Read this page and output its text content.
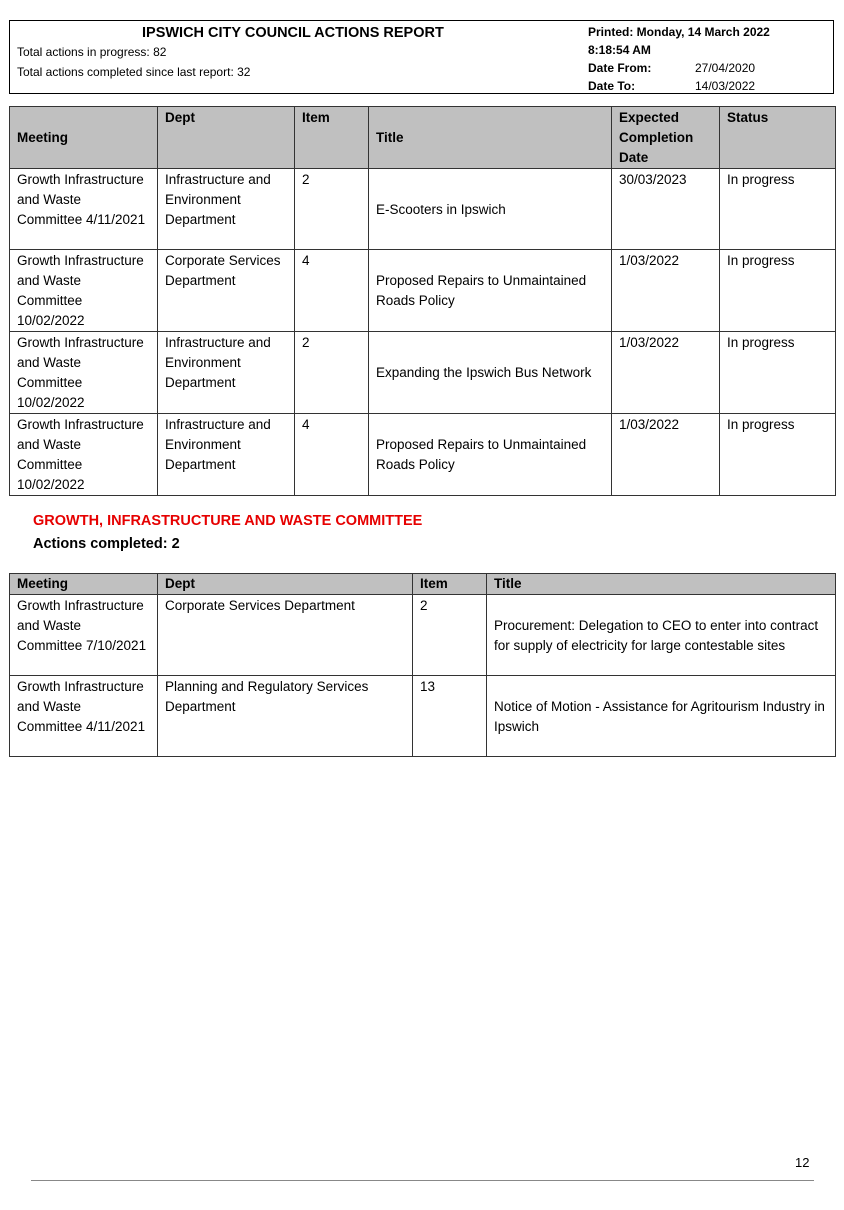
IPSWICH CITY COUNCIL ACTIONS REPORT
Total actions in progress: 82
Total actions completed since last report: 32
Printed: Monday, 14 March 2022
8:18:54 AM
Date From:	27/04/2020
Date To:	14/03/2022
Meeting	Dept	Item	Title	Expected Completion Date	Status
Growth Infrastructure and Waste Committee 4/11/2021	Infrastructure and Environment Department	2	E-Scooters in Ipswich	30/03/2023	In progress
Growth Infrastructure and Waste Committee 10/02/2022	Corporate Services Department	4	Proposed Repairs to Unmaintained Roads Policy	1/03/2022	In progress
Growth Infrastructure and Waste Committee 10/02/2022	Infrastructure and Environment Department	2	Expanding the Ipswich Bus Network	1/03/2022	In progress
Growth Infrastructure and Waste Committee 10/02/2022	Infrastructure and Environment Department	4	Proposed Repairs to Unmaintained Roads Policy	1/03/2022	In progress
GROWTH, INFRASTRUCTURE AND WASTE COMMITTEE
Actions completed: 2
Meeting	Dept	Item	Title
Growth Infrastructure and Waste Committee 7/10/2021	Corporate Services Department	2	Procurement: Delegation to CEO to enter into contract for supply of electricity for large contestable sites
Growth Infrastructure and Waste Committee 4/11/2021	Planning and Regulatory Services Department	13	Notice of Motion - Assistance for Agritourism Industry in Ipswich
12
